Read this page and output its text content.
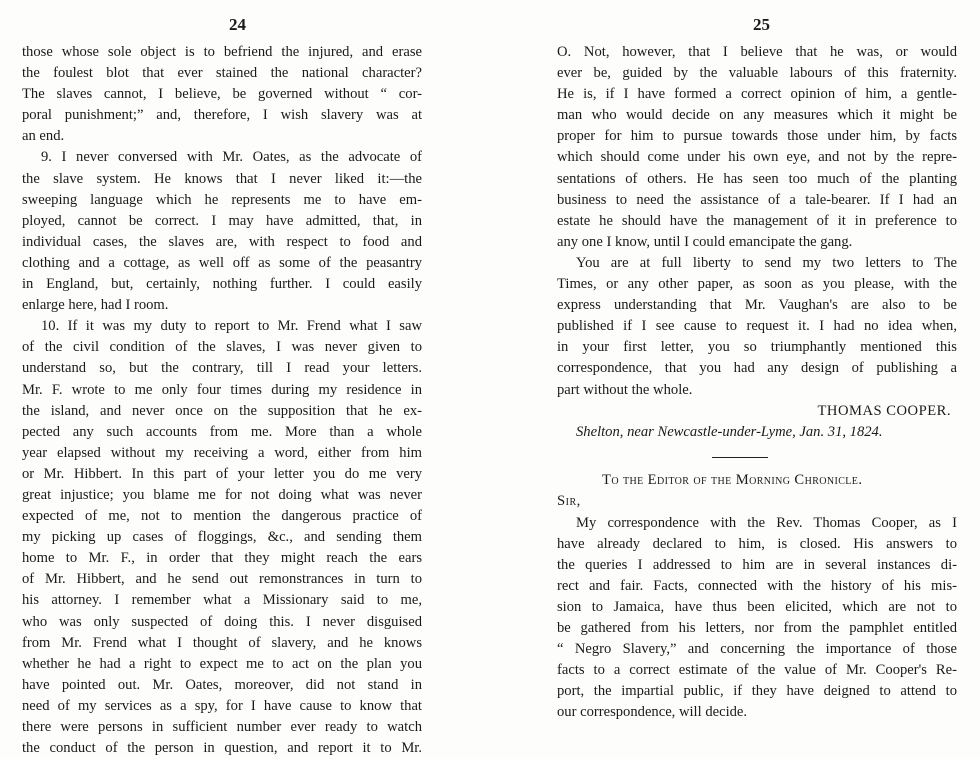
24
those whose sole object is to befriend the injured, and erase
the foulest blot that ever stained the national character?
The slaves cannot, I believe, be governed without “ cor-
poral punishment;” and, therefore, I wish slavery was at
an end.
9. I never conversed with Mr. Oates, as the advocate of
the slave system. He knows that I never liked it:—the
sweeping language which he represents me to have em-
ployed, cannot be correct. I may have admitted, that, in
individual cases, the slaves are, with respect to food and
clothing and a cottage, as well off as some of the peasantry
in England, but, certainly, nothing further. I could easily
enlarge here, had I room.
10. If it was my duty to report to Mr. Frend what I saw
of the civil condition of the slaves, I was never given to
understand so, but the contrary, till I read your letters.
Mr. F. wrote to me only four times during my residence in
the island, and never once on the supposition that he ex-
pected any such accounts from me. More than a whole
year elapsed without my receiving a word, either from him
or Mr. Hibbert. In this part of your letter you do me very
great injustice; you blame me for not doing what was never
expected of me, not to mention the dangerous practice of
my picking up cases of floggings, &c., and sending them
home to Mr. F., in order that they might reach the ears
of Mr. Hibbert, and he send out remonstrances in turn to
his attorney. I remember what a Missionary said to me,
who was only suspected of doing this. I never disguised
from Mr. Frend what I thought of slavery, and he knows
whether he had a right to expect me to act on the plan you
have pointed out. Mr. Oates, moreover, did not stand in
need of my services as a spy, for I have cause to know that
there were persons in sufficient number ever ready to watch
the conduct of the person in question, and report it to Mr.
25
O. Not, however, that I believe that he was, or would
ever be, guided by the valuable labours of this fraternity.
He is, if I have formed a correct opinion of him, a gentle-
man who would decide on any measures which it might be
proper for him to pursue towards those under him, by facts
which should come under his own eye, and not by the repre-
sentations of others. He has seen too much of the planting
business to need the assistance of a tale-bearer. If I had an
estate he should have the management of it in preference to
any one I know, until I could emancipate the gang.
You are at full liberty to send my two letters to The
Times, or any other paper, as soon as you please, with the
express understanding that Mr. Vaughan's are also to be
published if I see cause to request it. I had no idea when,
in your first letter, you so triumphantly mentioned this
correspondence, that you had any design of publishing a
part without the whole.
THOMAS COOPER.
Shelton, near Newcastle-under-Lyme, Jan. 31, 1824.
To the Editor of the Morning Chronicle.
Sir,
My correspondence with the Rev. Thomas Cooper, as I
have already declared to him, is closed. His answers to
the queries I addressed to him are in several instances di-
rect and fair. Facts, connected with the history of his mis-
sion to Jamaica, have thus been elicited, which are not to
be gathered from his letters, nor from the pamphlet entitled
“ Negro Slavery,” and concerning the importance of those
facts to a correct estimate of the value of Mr. Cooper's Re-
port, the impartial public, if they have deigned to attend to
our correspondence, will decide.
